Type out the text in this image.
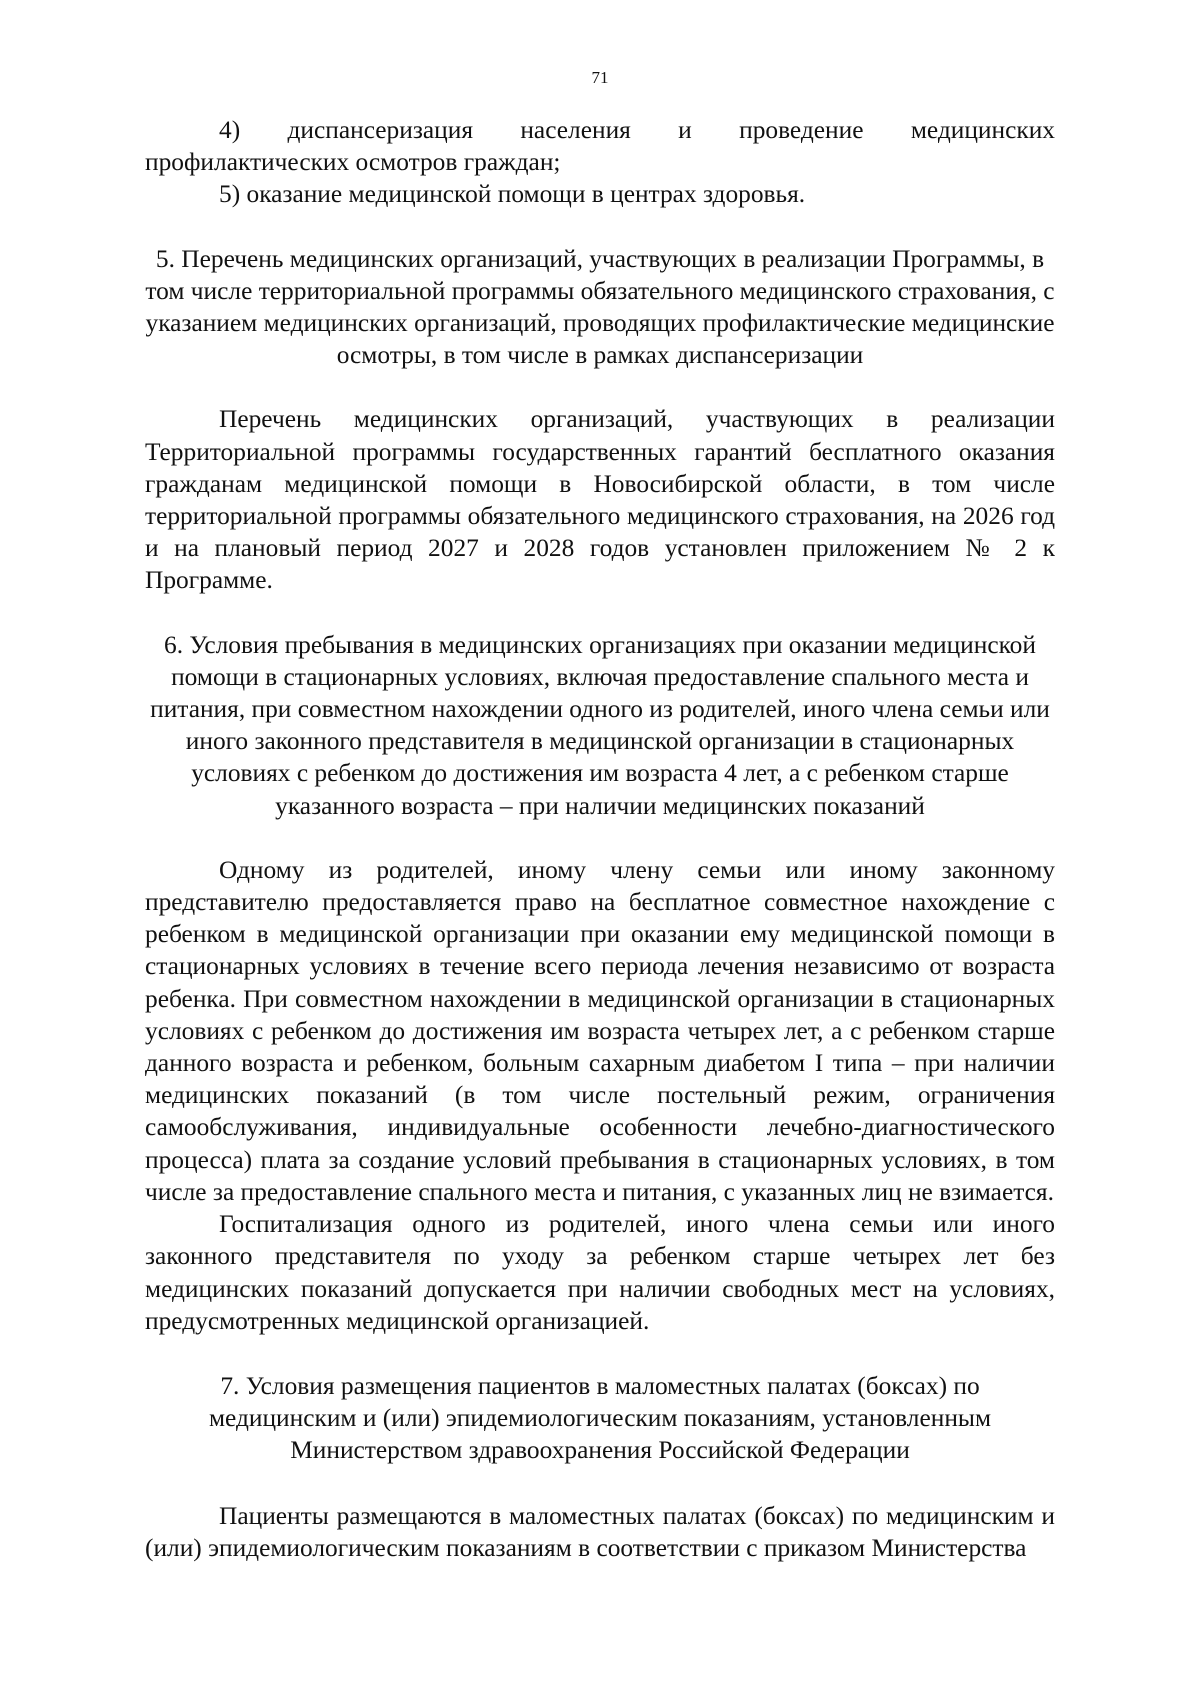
71

4) диспансеризация населения и проведение медицинских профилактических осмотров граждан;

5) оказание медицинской помощи в центрах здоровья.

5. Перечень медицинских организаций, участвующих в реализации Программы, в том числе территориальной программы обязательного медицинского страхования, с указанием медицинских организаций, проводящих профилактические медицинские осмотры, в том числе в рамках диспансеризации

Перечень медицинских организаций, участвующих в реализации Территориальной программы государственных гарантий бесплатного оказания гражданам медицинской помощи в Новосибирской области, в том числе территориальной программы обязательного медицинского страхования, на 2026 год и на плановый период 2027 и 2028 годов установлен приложением № 2 к Программе.

6. Условия пребывания в медицинских организациях при оказании медицинской помощи в стационарных условиях, включая предоставление спального места и питания, при совместном нахождении одного из родителей, иного члена семьи или иного законного представителя в медицинской организации в стационарных условиях с ребенком до достижения им возраста 4 лет, а с ребенком старше указанного возраста – при наличии медицинских показаний

Одному из родителей, иному члену семьи или иному законному представителю предоставляется право на бесплатное совместное нахождение с ребенком в медицинской организации при оказании ему медицинской помощи в стационарных условиях в течение всего периода лечения независимо от возраста ребенка. При совместном нахождении в медицинской организации в стационарных условиях с ребенком до достижения им возраста четырех лет, а с ребенком старше данного возраста и ребенком, больным сахарным диабетом I типа – при наличии медицинских показаний (в том числе постельный режим, ограничения самообслуживания, индивидуальные особенности лечебно-диагностического процесса) плата за создание условий пребывания в стационарных условиях, в том числе за предоставление спального места и питания, с указанных лиц не взимается.

Госпитализация одного из родителей, иного члена семьи или иного законного представителя по уходу за ребенком старше четырех лет без медицинских показаний допускается при наличии свободных мест на условиях, предусмотренных медицинской организацией.

7. Условия размещения пациентов в маломестных палатах (боксах) по медицинским и (или) эпидемиологическим показаниям, установленным Министерством здравоохранения Российской Федерации

Пациенты размещаются в маломестных палатах (боксах) по медицинским и (или) эпидемиологическим показаниям в соответствии с приказом Министерства
